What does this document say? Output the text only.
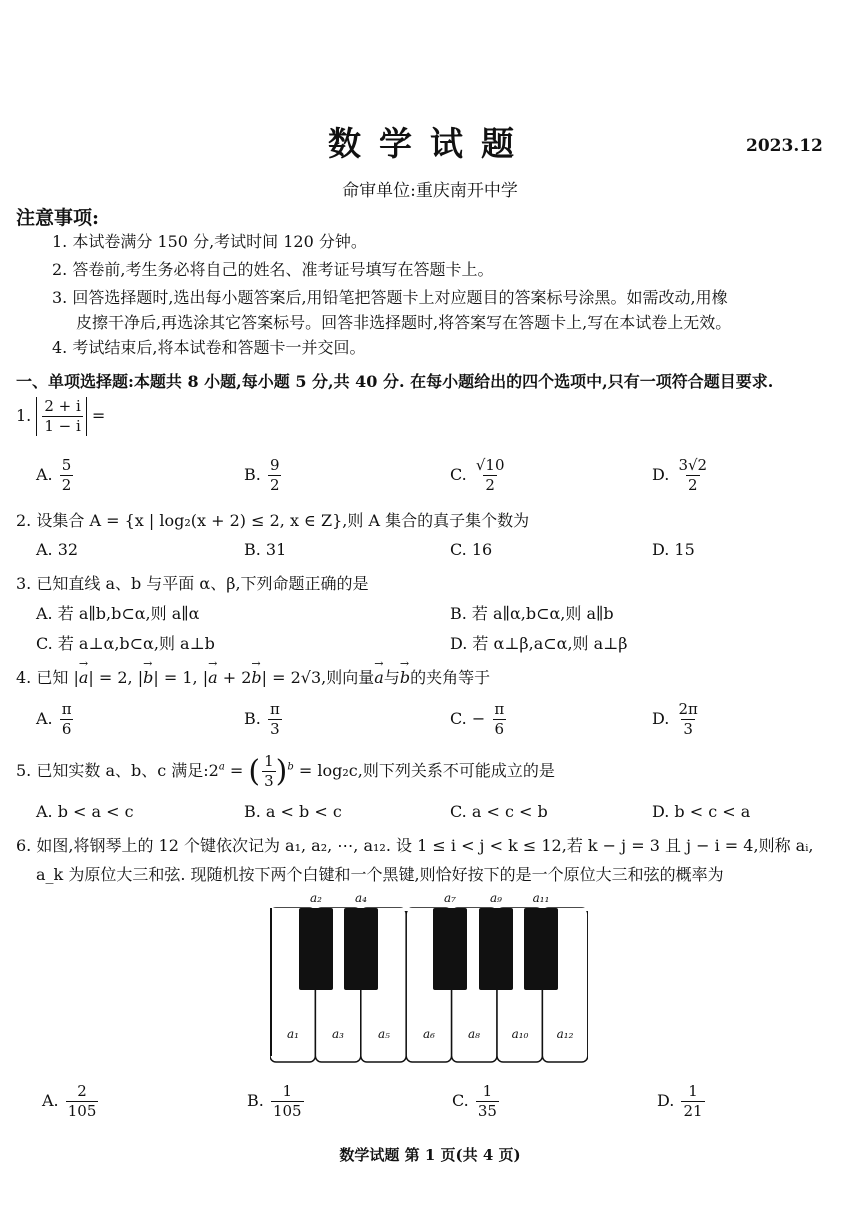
数学试题	2023.12
命审单位:重庆南开中学
注意事项:
1. 本试卷满分 150 分,考试时间 120 分钟。
2. 答卷前,考生务必将自己的姓名、准考证号填写在答题卡上。
3. 回答选择题时,选出每小题答案后,用铅笔把答题卡上对应题目的答案标号涂黑。如需改动,用橡
皮擦干净后,再选涂其它答案标号。回答非选择题时,将答案写在答题卡上,写在本试卷上无效。
4. 考试结束后,将本试卷和答题卡一并交回。
一、单项选择题:本题共 8 小题,每小题 5 分,共 40 分. 在每小题给出的四个选项中,只有一项符合题目要求.
1. $\frac{2 + i}{1 - i}$ =
A. $\frac{5}{2}$	B. $\frac{9}{2}$	C. $\frac{√10}{2}$	D. $\frac{3√2}{2}$
2. 设集合 A = {x | log₂(x + 2) ≤ 2, x ∈ Z},则 A 集合的真子集个数为
A. 32	B. 31	C. 16	D. 15
3. 已知直线 a、b 与平面 α、β,下列命题正确的是
A. 若 a∥b,b⊂α,则 a∥α	B. 若 a∥α,b⊂α,则 a∥b
C. 若 a⊥α,b⊂α,则 a⊥b	D. 若 α⊥β,a⊂α,则 a⊥β
4. 已知 |→ a| = 2, |→ b| = 1, |→ a + 2→ b| = 2√3,则向量→ a与→ b的夹角等于
A. $\frac{\pi}{6}$	B. $\frac{\pi}{3}$	C. − $\frac{\pi}{6}$	D. $\frac{2\pi}{3}$
5. 已知实数 a、b、c 满足$:2^a$ = ( $\frac{1}{3} )^b = \log_2c$,则下列关系不可能成立的是
A. b < a < c	B. a < b < c	C. a < c < b	D. b < c < a
6. 如图,将钢琴上的 12 个键依次记为 a₁, a₂, ⋯, a₁₂. 设 1 ≤ i < j < k ≤ 12,若 k − j = 3 且 j − i = 4,则称 aᵢ,
a_k 为原位大三和弦. 现随机按下两个白键和一个黑键,则恰好按下的是一个原位大三和弦的概率为
a₂	a₄	a₇	a₉	a₁₁
a₁	a₃	a₅	a₆	a₈	a₁₀ a₁₂
A. $\frac{2}{105}$	B. $\frac{1}{105}$	C. $\frac{1}{35}$	D. $\frac{1}{21}$
数学试题 第 1 页(共 4 页)
